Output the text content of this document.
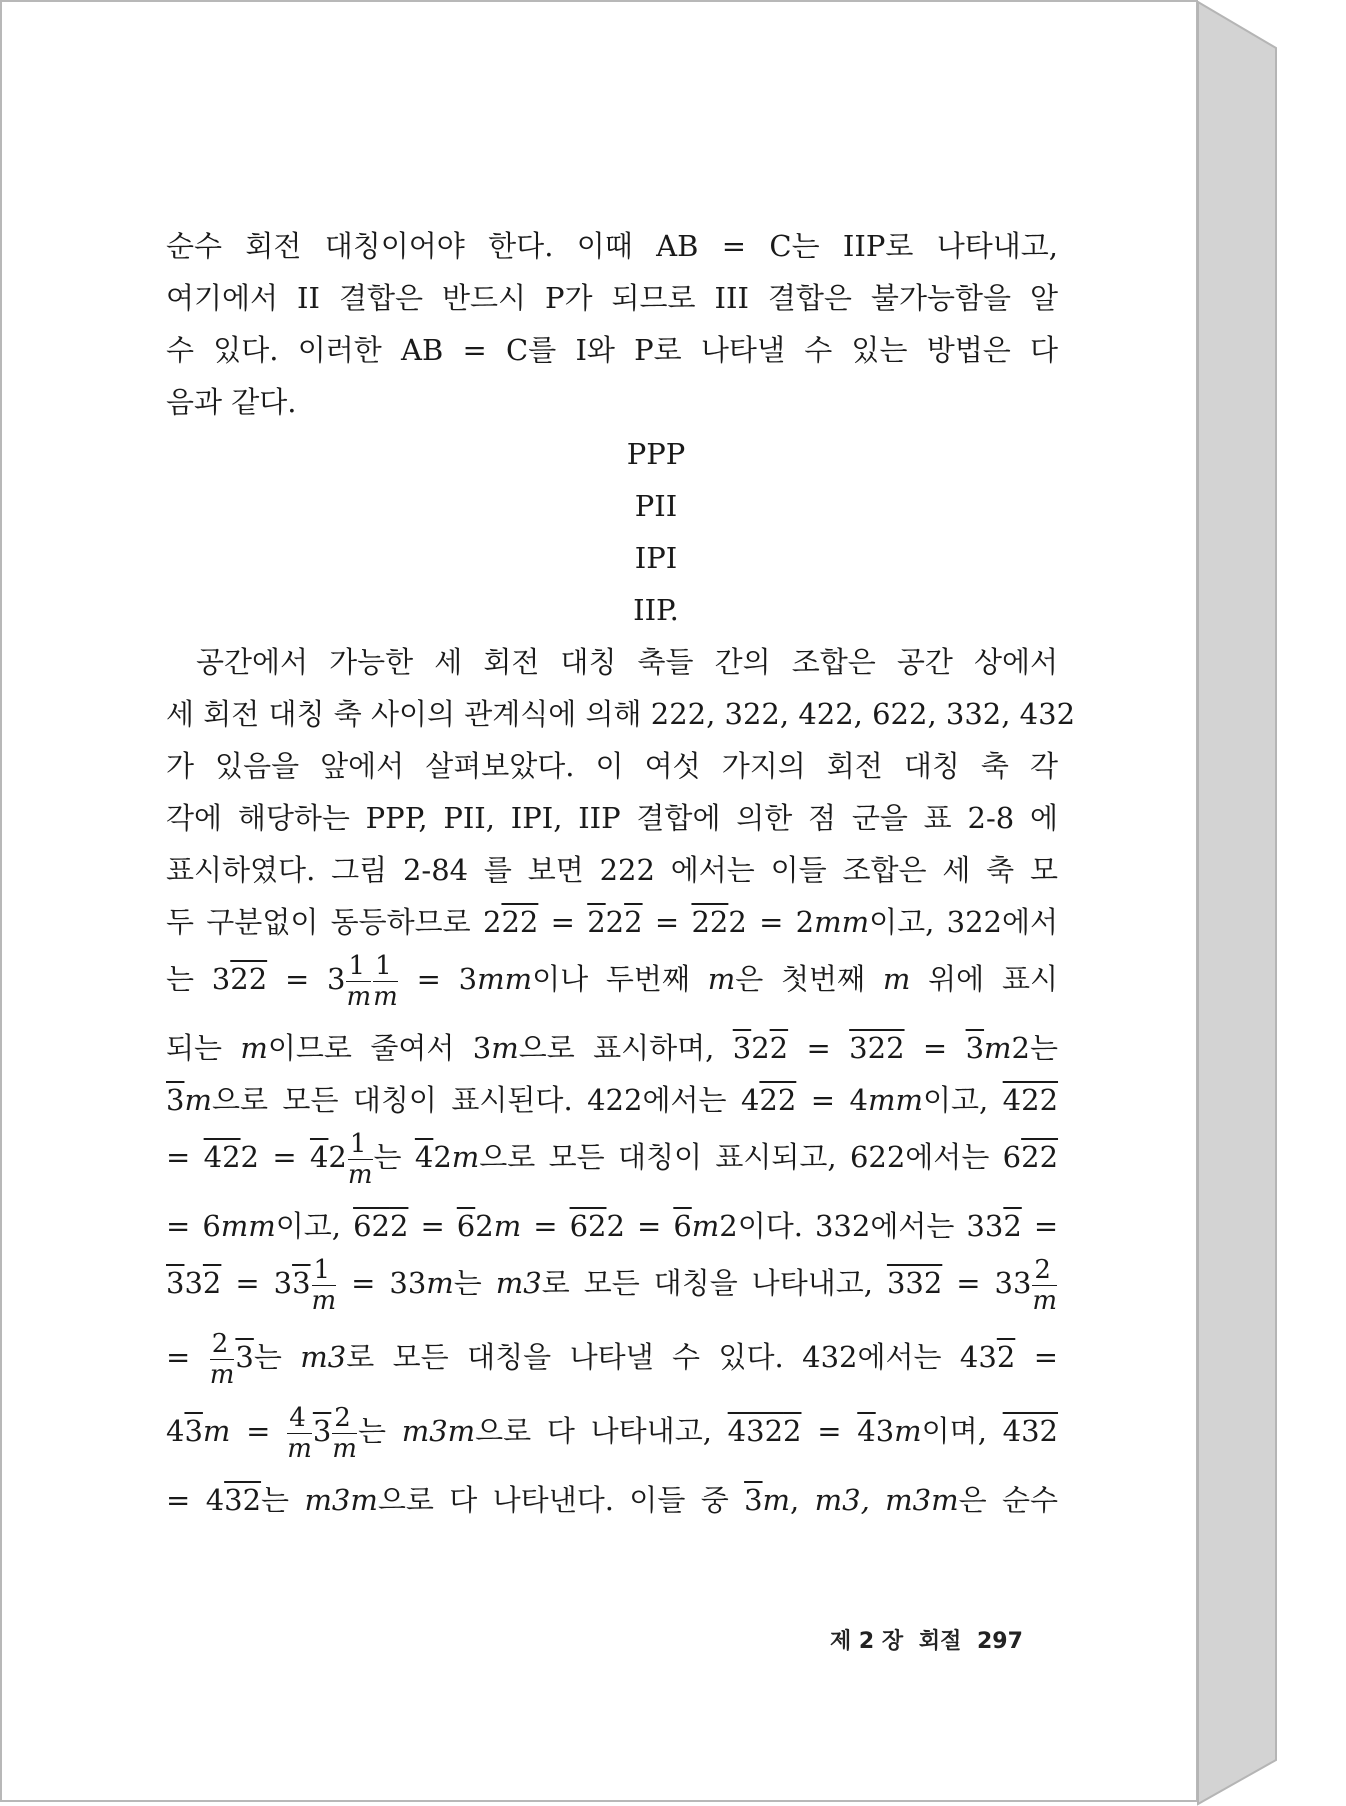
순수 회전 대칭이어야 한다. 이때 AB = C는 IIP로 나타내고,
여기에서 II 결합은 반드시 P가 되므로 III 결합은 불가능함을 알
수 있다. 이러한 AB = C를 I와 P로 나타낼 수 있는 방법은 다
음과 같다.
PPP
PII
IPI
IIP.
공간에서 가능한 세 회전 대칭 축들 간의 조합은 공간 상에서
세 회전 대칭 축 사이의 관계식에 의해 222, 322, 422, 622, 332, 432
가 있음을 앞에서 살펴보았다. 이 여섯 가지의 회전 대칭 축 각
각에 해당하는 PPP, PII, IPI, IIP 결합에 의한 점 군을 표 2-8 에
표시하였다. 그림 2-84 를 보면 222 에서는 이들 조합은 세 축 모
두 구분없이 동등하므로 222 = 222 = 222 = 2mm이고, 322에서
는 $322 = 3 \frac{1}{m} \frac{1}{m} = 3mm$이나 두번째 m은 첫번째 m 위에 표시
되는 m이므로 줄여서 3m으로 표시하며, 322 = 322 = 3m2는
3m으로 모든 대칭이 표시된다. 422에서는 422 = 4mm이고, 422
= $422 = 42 \frac{1}{m}$ 는 42m으로 모든 대칭이 표시되고, 622에서는 622
= 6mm이고, 622 = 62m = 622 = 6m2이다. 332에서는 332 =
$332 = 33 \frac{1}{m} = 33m$는 m3로 모든 대칭을 나타내고, $332 = 33 \frac{2}{m}$
= $\frac{2}{m} 3$는 m3로 모든 대칭을 나타낼 수 있다. 432에서는 432 =
$43m = \frac{4}{m} 3 \frac{2}{m}$ 는 m3m으로 다 나타내고, 4322 = 43m이며, 432
= 432는 m3m으로 다 나타낸다. 이들 중 3m, m3, m3m은 순수
제 2 장 회절 297
